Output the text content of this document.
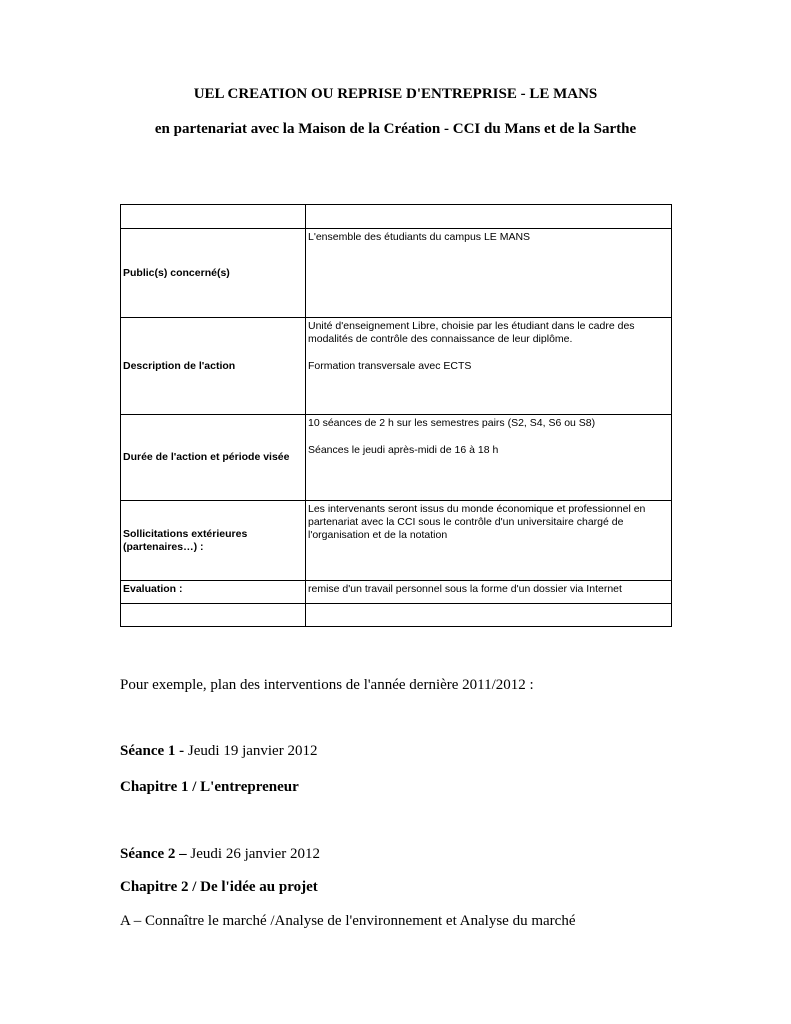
UEL CREATION OU REPRISE D'ENTREPRISE - LE MANS
en partenariat avec la Maison de la Création - CCI du Mans et de la Sarthe

Public(s) concerné(s)	L'ensemble des étudiants du campus LE MANS

Description de l'action	Unité d'enseignement Libre, choisie par les étudiant dans le cadre des modalités de contrôle des connaissance de leur diplôme.

Formation transversale avec ECTS

Durée de l'action et période visée	10 séances de 2 h sur les semestres pairs (S2, S4, S6 ou S8)

Séances le jeudi après-midi de 16 à 18 h

Sollicitations extérieures (partenaires…) :	Les intervenants seront issus du monde économique et professionnel en partenariat avec la CCI sous le contrôle d'un universitaire chargé de l'organisation et de la notation

Evaluation :	remise d'un travail personnel sous la forme d'un dossier via Internet

Pour exemple, plan des interventions de l'année dernière 2011/2012 :
Séance 1 - Jeudi 19 janvier 2012
Chapitre 1 / L'entrepreneur
Séance 2 – Jeudi 26 janvier 2012
Chapitre 2 / De l'idée au projet
A – Connaître le marché /Analyse de l'environnement et Analyse du marché
